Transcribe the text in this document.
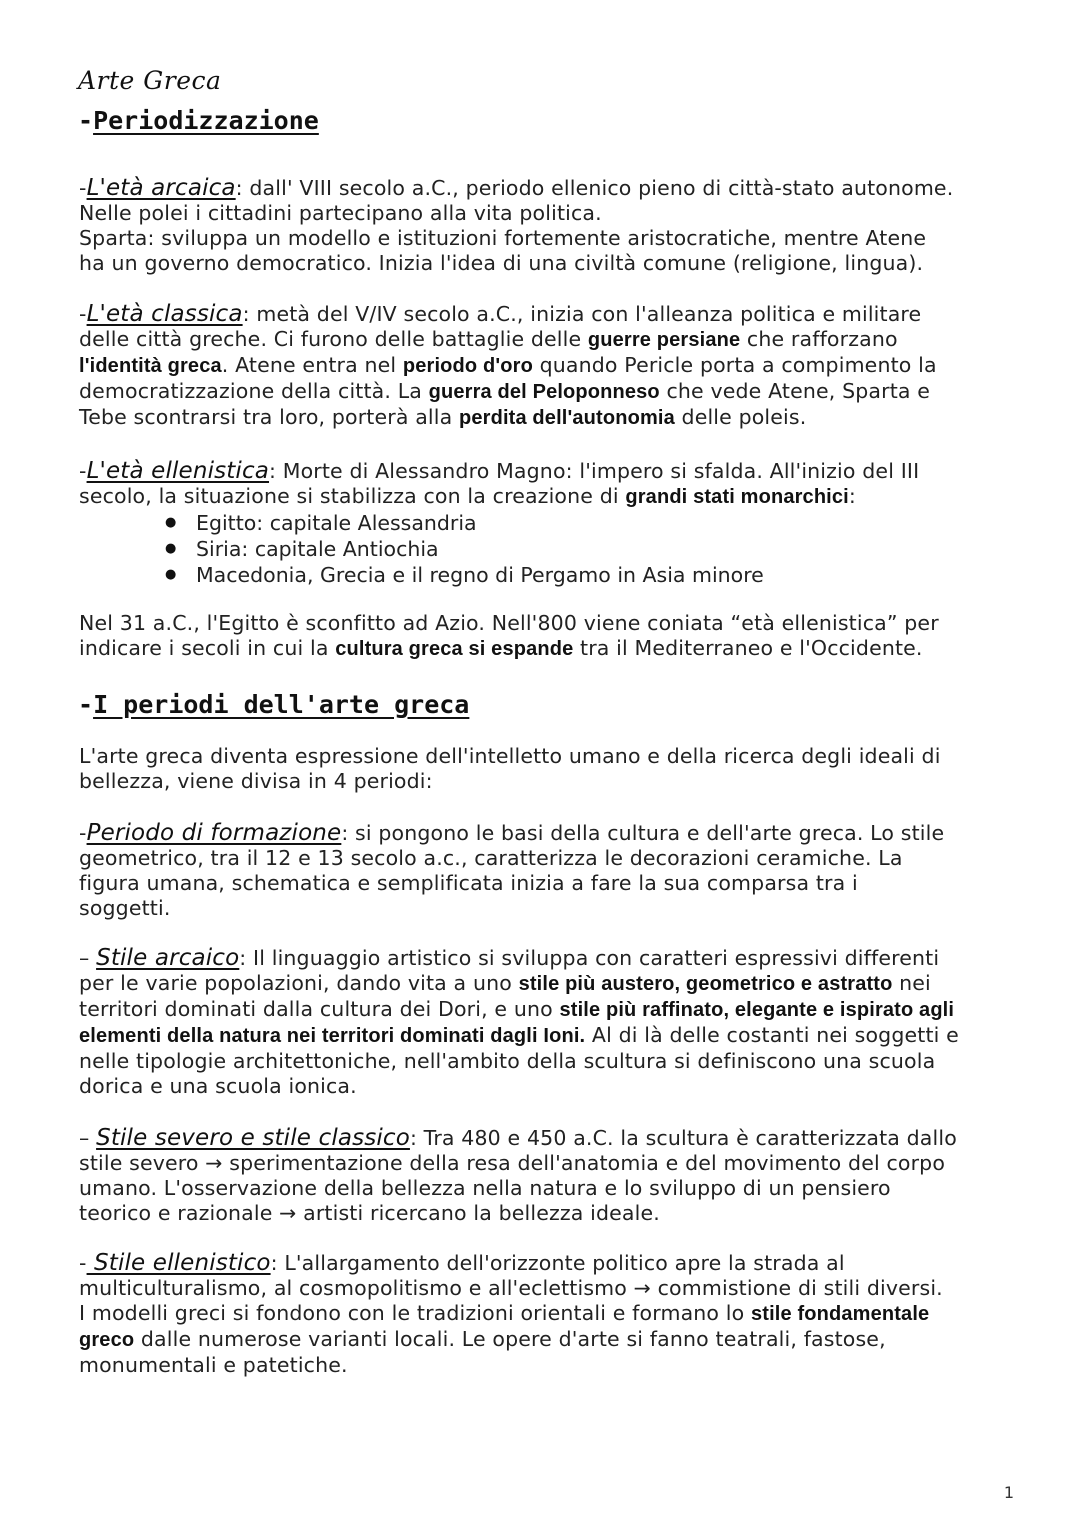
Arte Greca
-Periodizzazione

-L'età arcaica: dall' VIII secolo a.C., periodo ellenico pieno di città-stato autonome.
Nelle polei i cittadini partecipano alla vita politica.
Sparta: sviluppa un modello e istituzioni fortemente aristocratiche, mentre Atene
ha un governo democratico. Inizia l'idea di una civiltà comune (religione, lingua).

-L'età classica: metà del V/IV secolo a.C., inizia con l'alleanza politica e militare
delle città greche. Ci furono delle battaglie delle guerre persiane che rafforzano
l'identità greca. Atene entra nel periodo d'oro quando Pericle porta a compimento la
democratizzazione della città. La guerra del Peloponneso che vede Atene, Sparta e
Tebe scontrarsi tra loro, porterà alla perdita dell'autonomia delle poleis.

-L'età ellenistica: Morte di Alessandro Magno: l'impero si sfalda. All'inizio del III
secolo, la situazione si stabilizza con la creazione di grandi stati monarchici:

● Egitto: capitale Alessandria
● Siria: capitale Antiochia
● Macedonia, Grecia e il regno di Pergamo in Asia minore

Nel 31 a.C., l'Egitto è sconfitto ad Azio. Nell'800 viene coniata “età ellenistica” per
indicare i secoli in cui la cultura greca si espande tra il Mediterraneo e l'Occidente.

-I periodi dell'arte greca

L'arte greca diventa espressione dell'intelletto umano e della ricerca degli ideali di
bellezza, viene divisa in 4 periodi:

-Periodo di formazione: si pongono le basi della cultura e dell'arte greca. Lo stile
geometrico, tra il 12 e 13 secolo a.c., caratterizza le decorazioni ceramiche. La
figura umana, schematica e semplificata inizia a fare la sua comparsa tra i
soggetti.

– Stile arcaico: Il linguaggio artistico si sviluppa con caratteri espressivi differenti
per le varie popolazioni, dando vita a uno stile più austero, geometrico e astratto nei
territori dominati dalla cultura dei Dori, e uno stile più raffinato, elegante e ispirato agli
elementi della natura nei territori dominati dagli Ioni. Al di là delle costanti nei soggetti e
nelle tipologie architettoniche, nell'ambito della scultura si definiscono una scuola
dorica e una scuola ionica.

– Stile severo e stile classico: Tra 480 e 450 a.C. la scultura è caratterizzata dallo
stile severo → sperimentazione della resa dell'anatomia e del movimento del corpo
umano. L'osservazione della bellezza nella natura e lo sviluppo di un pensiero
teorico e razionale → artisti ricercano la bellezza ideale.

- Stile ellenistico: L'allargamento dell'orizzonte politico apre la strada al
multiculturalismo, al cosmopolitismo e all'eclettismo → commistione di stili diversi.
I modelli greci si fondono con le tradizioni orientali e formano lo stile fondamentale
greco dalle numerose varianti locali. Le opere d'arte si fanno teatrali, fastose,
monumentali e patetiche.

1
